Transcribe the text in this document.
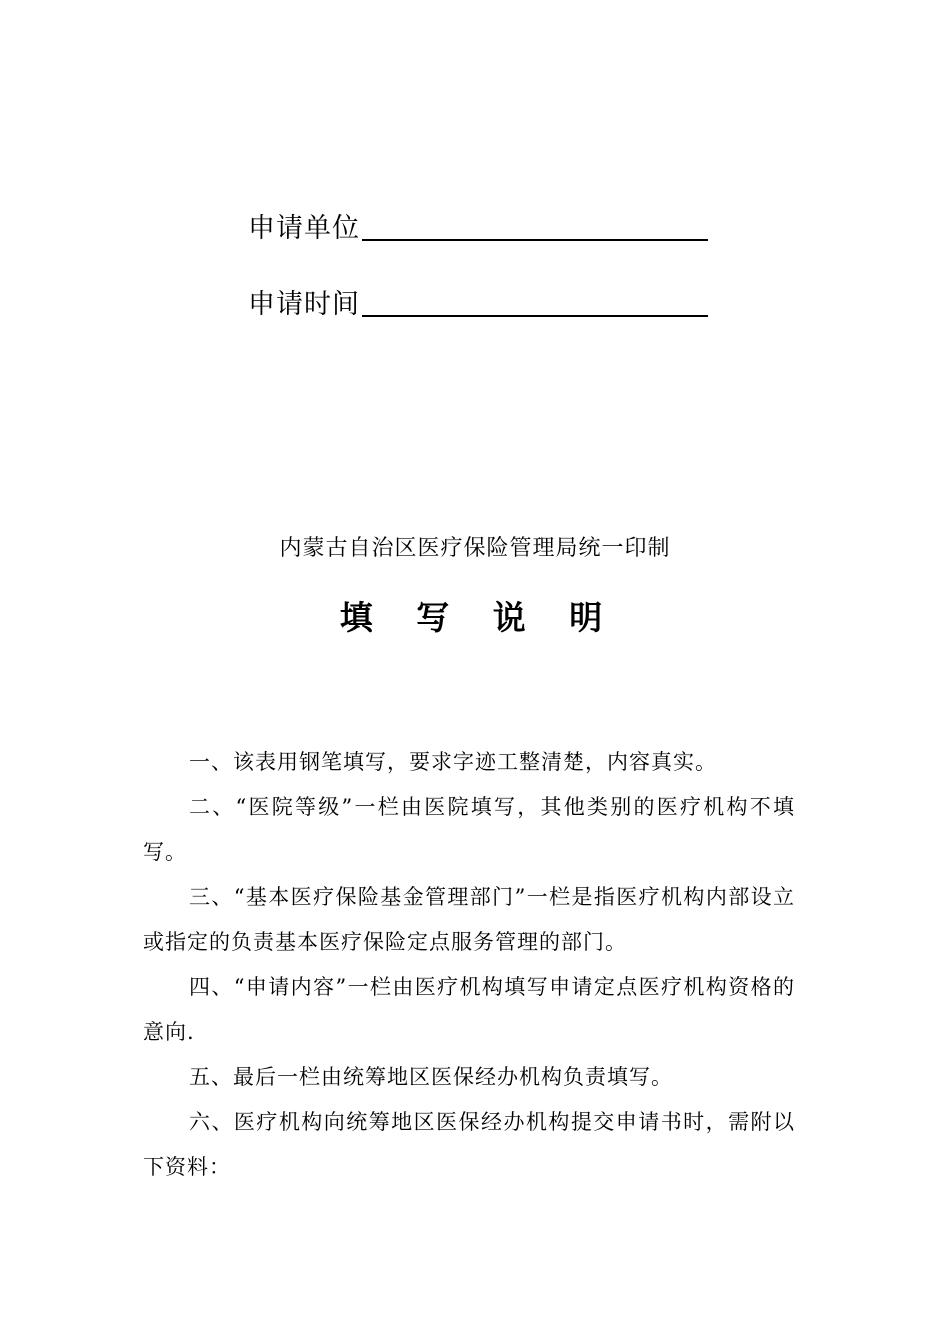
申请单位
申请时间
内蒙古自治区医疗保险管理局统一印制
填 写 说 明

一、该表用钢笔填写，要求字迹工整清楚，内容真实。

二、“医院等级”一栏由医院填写，其他类别的医疗机构不填写。

三、“基本医疗保险基金管理部门”一栏是指医疗机构内部设立或指定的负责基本医疗保险定点服务管理的部门。

四、“申请内容”一栏由医疗机构填写申请定点医疗机构资格的意向.

五、最后一栏由统筹地区医保经办机构负责填写。

六、医疗机构向统筹地区医保经办机构提交申请书时，需附以下资料：
